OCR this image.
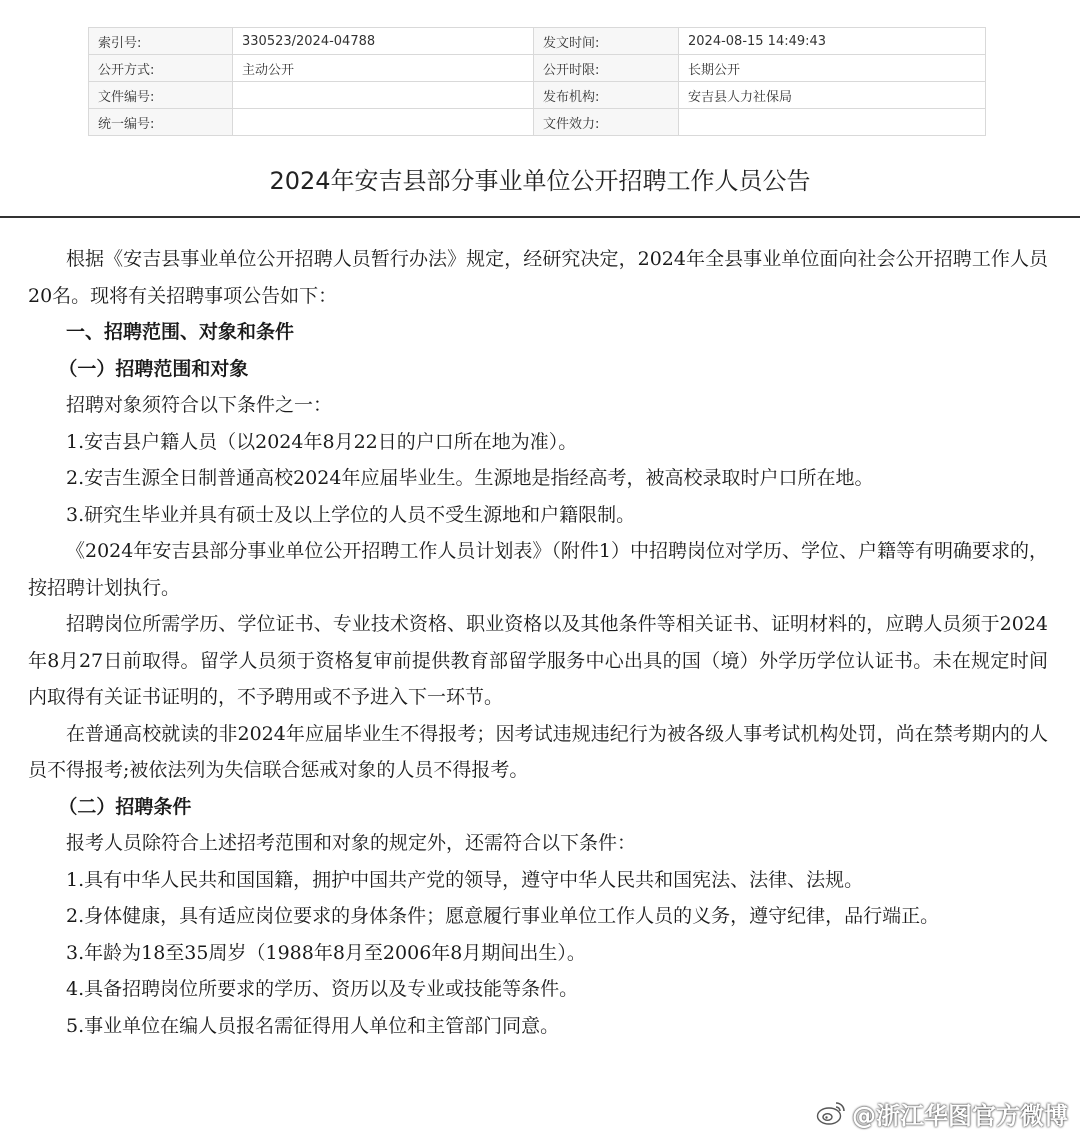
索引号:	330523/2024-04788	发文时间:	2024-08-15 14:49:43
公开方式:	主动公开	公开时限:	长期公开
文件编号:		发布机构:	安吉县人力社保局
统一编号:		文件效力:	
2024年安吉县部分事业单位公开招聘工作人员公告

根据《安吉县事业单位公开招聘人员暂行办法》规定，经研究决定，2024年全县事业单位面向社会公开招聘工作人员20名。现将有关招聘事项公告如下：

一、招聘范围、对象和条件

（一）招聘范围和对象

招聘对象须符合以下条件之一：

1.安吉县户籍人员（以2024年8月22日的户口所在地为准）。

2.安吉生源全日制普通高校2024年应届毕业生。生源地是指经高考，被高校录取时户口所在地。

3.研究生毕业并具有硕士及以上学位的人员不受生源地和户籍限制。

《2024年安吉县部分事业单位公开招聘工作人员计划表》（附件1）中招聘岗位对学历、学位、户籍等有明确要求的，按招聘计划执行。

招聘岗位所需学历、学位证书、专业技术资格、职业资格以及其他条件等相关证书、证明材料的，应聘人员须于2024年8月27日前取得。留学人员须于资格复审前提供教育部留学服务中心出具的国（境）外学历学位认证书。未在规定时间内取得有关证书证明的，不予聘用或不予进入下一环节。

在普通高校就读的非2024年应届毕业生不得报考；因考试违规违纪行为被各级人事考试机构处罚，尚在禁考期内的人员不得报考;被依法列为失信联合惩戒对象的人员不得报考。

（二）招聘条件

报考人员除符合上述招考范围和对象的规定外，还需符合以下条件：

1.具有中华人民共和国国籍，拥护中国共产党的领导，遵守中华人民共和国宪法、法律、法规。

2.身体健康，具有适应岗位要求的身体条件；愿意履行事业单位工作人员的义务，遵守纪律，品行端正。

3.年龄为18至35周岁（1988年8月至2006年8月期间出生）。

4.具备招聘岗位所要求的学历、资历以及专业或技能等条件。

5.事业单位在编人员报名需征得用人单位和主管部门同意。

@浙江华图官方微博
